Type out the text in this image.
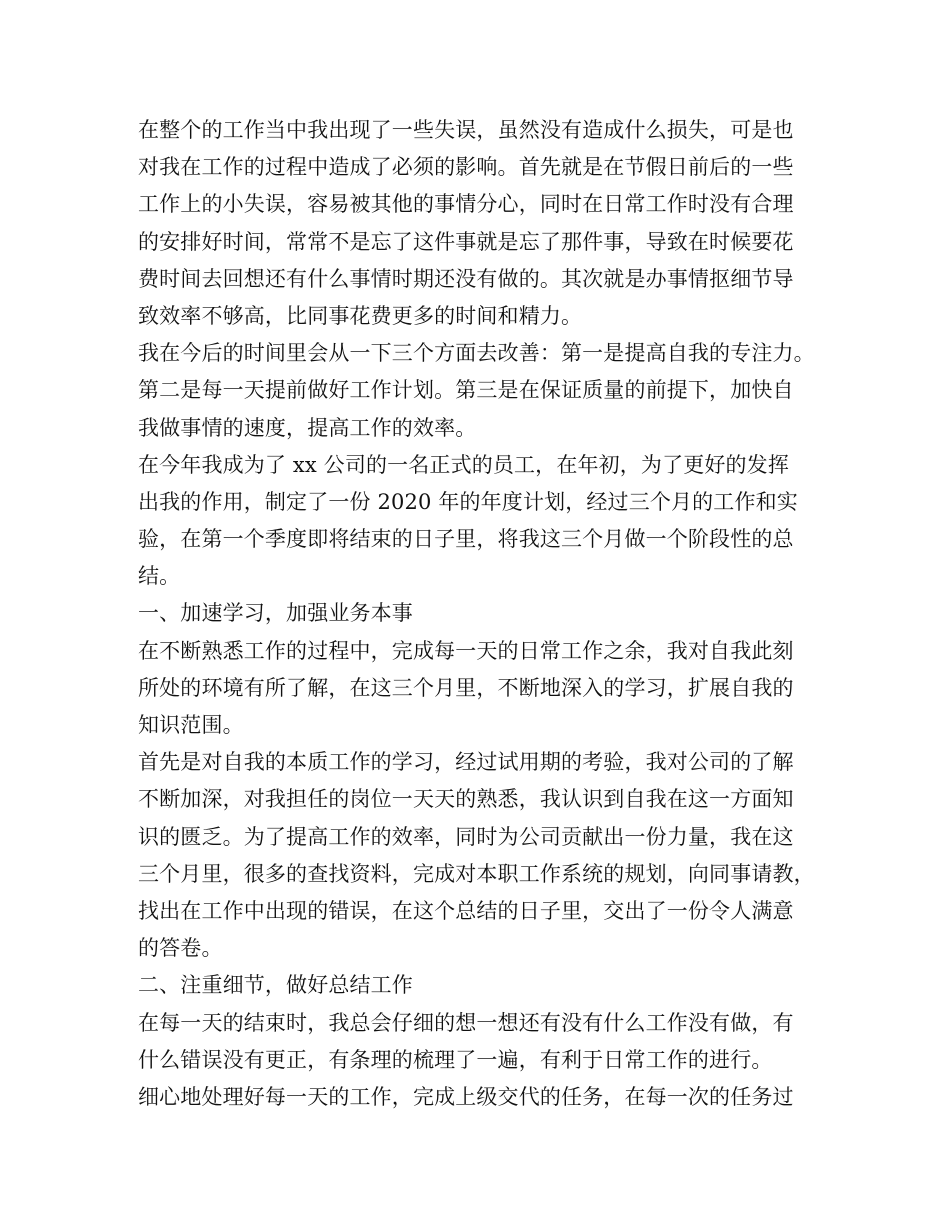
在整个的工作当中我出现了一些失误，虽然没有造成什么损失，可是也
对我在工作的过程中造成了必须的影响。首先就是在节假日前后的一些
工作上的小失误，容易被其他的事情分心，同时在日常工作时没有合理
的安排好时间，常常不是忘了这件事就是忘了那件事，导致在时候要花
费时间去回想还有什么事情时期还没有做的。其次就是办事情抠细节导
致效率不够高，比同事花费更多的时间和精力。
我在今后的时间里会从一下三个方面去改善：第一是提高自我的专注力。
第二是每一天提前做好工作计划。第三是在保证质量的前提下，加快自
我做事情的速度，提高工作的效率。
在今年我成为了 xx 公司的一名正式的员工，在年初，为了更好的发挥
出我的作用，制定了一份 2020 年的年度计划，经过三个月的工作和实
验，在第一个季度即将结束的日子里，将我这三个月做一个阶段性的总
结。
一、加速学习，加强业务本事
在不断熟悉工作的过程中，完成每一天的日常工作之余，我对自我此刻
所处的环境有所了解，在这三个月里，不断地深入的学习，扩展自我的
知识范围。
首先是对自我的本质工作的学习，经过试用期的考验，我对公司的了解
不断加深，对我担任的岗位一天天的熟悉，我认识到自我在这一方面知
识的匮乏。为了提高工作的效率，同时为公司贡献出一份力量，我在这
三个月里，很多的查找资料，完成对本职工作系统的规划，向同事请教，
找出在工作中出现的错误，在这个总结的日子里，交出了一份令人满意
的答卷。
二、注重细节，做好总结工作
在每一天的结束时，我总会仔细的想一想还有没有什么工作没有做，有
什么错误没有更正，有条理的梳理了一遍，有利于日常工作的进行。
细心地处理好每一天的工作，完成上级交代的任务，在每一次的任务过
